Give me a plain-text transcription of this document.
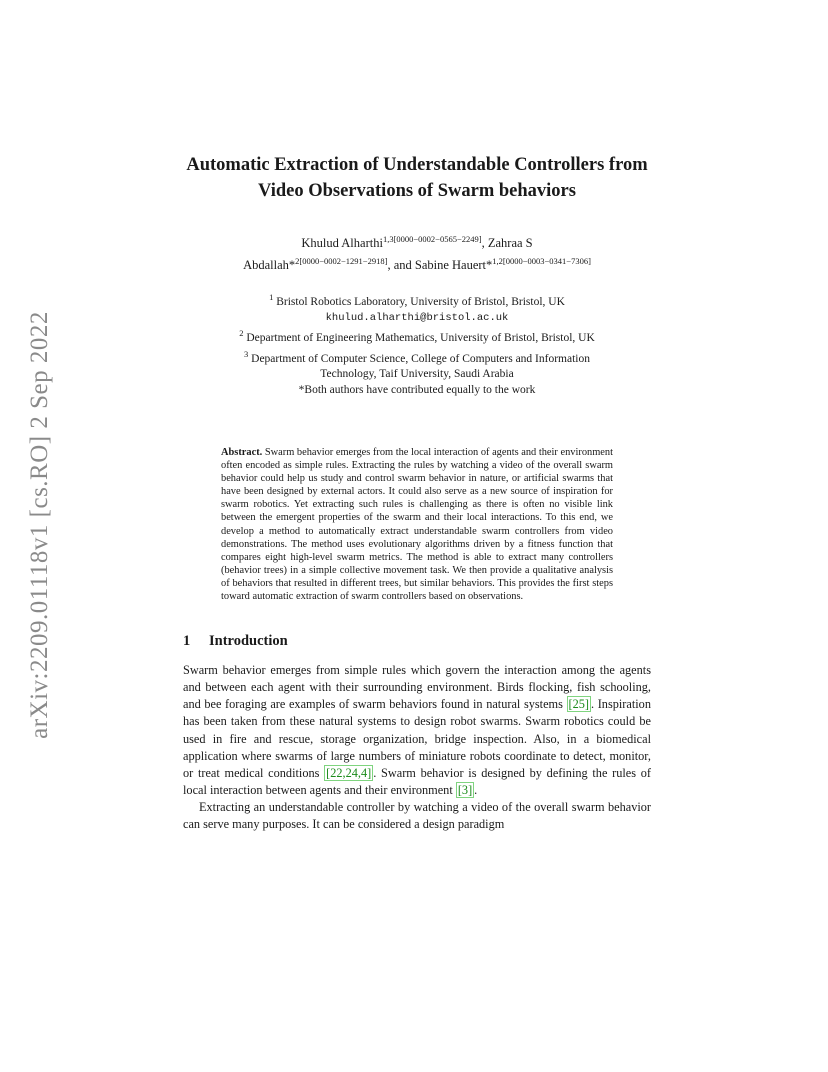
arXiv:2209.01118v1 [cs.RO] 2 Sep 2022
Automatic Extraction of Understandable Controllers from Video Observations of Swarm behaviors
Khulud Alharthi$^{1,3[0000-0002-0565-2249]}$, Zahraa S
Abdallah*$^{2[0000-0002-1291-2918]}$, and Sabine Hauert*$^{1,2[0000-0003-0341-7306]}$
$^1$ Bristol Robotics Laboratory, University of Bristol, Bristol, UK
khulud.alharthi@bristol.ac.uk
$^2$ Department of Engineering Mathematics, University of Bristol, Bristol, UK
$^3$ Department of Computer Science, College of Computers and Information
Technology, Taif University, Saudi Arabia
*Both authors have contributed equally to the work
Abstract. Swarm behavior emerges from the local interaction of agents and their environment often encoded as simple rules. Extracting the rules by watching a video of the overall swarm behavior could help us study and control swarm behavior in nature, or artificial swarms that have been designed by external actors. It could also serve as a new source of inspiration for swarm robotics. Yet extracting such rules is challenging as there is often no visible link between the emergent properties of the swarm and their local interactions. To this end, we develop a method to automatically extract understandable swarm controllers from video demonstrations. The method uses evolutionary algorithms driven by a fitness function that compares eight high-level swarm metrics. The method is able to extract many controllers (behavior trees) in a simple collective movement task. We then provide a qualitative analysis of behaviors that resulted in different trees, but similar behaviors. This provides the first steps toward automatic extraction of swarm controllers based on observations.
1 Introduction

Swarm behavior emerges from simple rules which govern the interaction among the agents and between each agent with their surrounding environment. Birds flocking, fish schooling, and bee foraging are examples of swarm behaviors found in natural systems [25] . Inspiration has been taken from these natural systems to design robot swarms. Swarm robotics could be used in fire and rescue, storage organization, bridge inspection. Also, in a biomedical application where swarms of large numbers of miniature robots coordinate to detect, monitor, or treat medical conditions [22,24,4] . Swarm behavior is designed by defining the rules of local interaction between agents and their environment [3] .

Extracting an understandable controller by watching a video of the overall swarm behavior can serve many purposes. It can be considered a design paradigm
